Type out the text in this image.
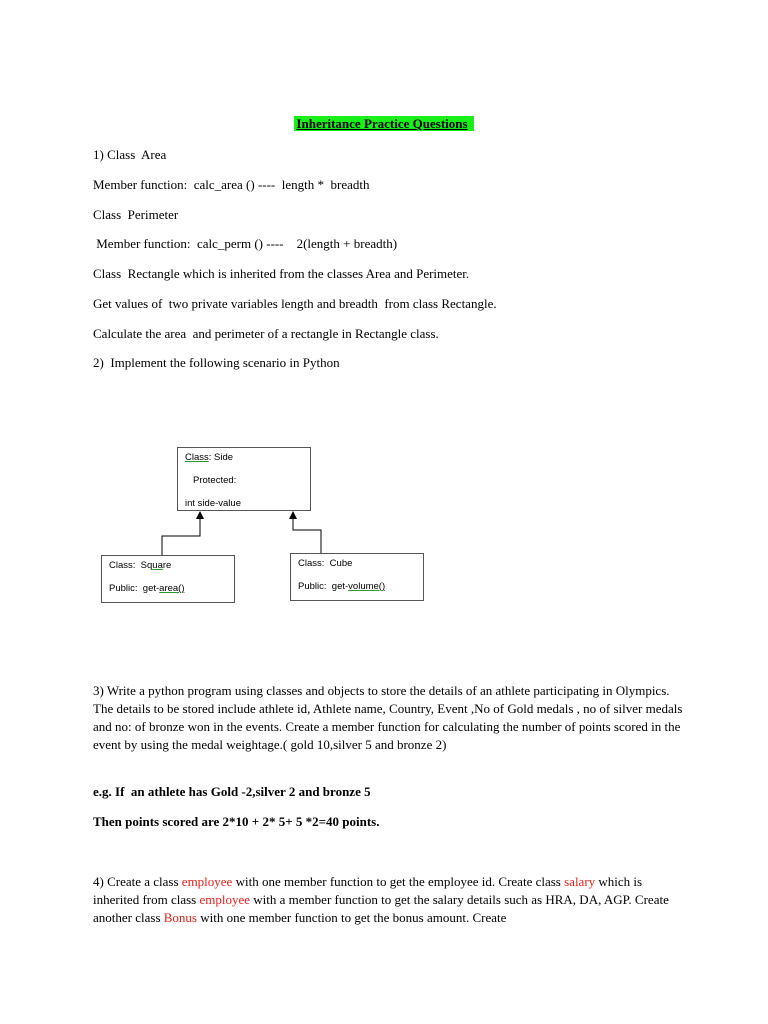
Inheritance Practice Questions
1) Class  Area
Member function:  calc_area () ----  length *  breadth
Class  Perimeter
Member function:  calc_perm () ----    2(length + breadth)
Class  Rectangle which is inherited from the classes Area and Perimeter.
Get values of  two private variables length and breadth  from class Rectangle.
Calculate the area  and perimeter of a rectangle in Rectangle class.
2)  Implement the following scenario in Python
Class: Side
Protected:
int side-value
Class:  Square
Public:  get-area()
Class:  Cube
Public:  get-volume()
3) Write a python program using classes and objects to store the details of an athlete participating in Olympics. The details to be stored include athlete id, Athlete name, Country, Event ,No of Gold medals , no of silver medals and no: of bronze won in the events. Create a member function for calculating the number of points scored in the event by using the medal weightage.( gold 10,silver 5 and bronze 2)
e.g. If  an athlete has Gold -2,silver 2 and bronze 5
Then points scored are 2*10 + 2* 5+ 5 *2=40 points.
4) Create a class employee with one member function to get the employee id. Create class salary which is inherited from class employee with a member function to get the salary details such as HRA, DA, AGP. Create another class Bonus with one member function to get the bonus amount. Create
